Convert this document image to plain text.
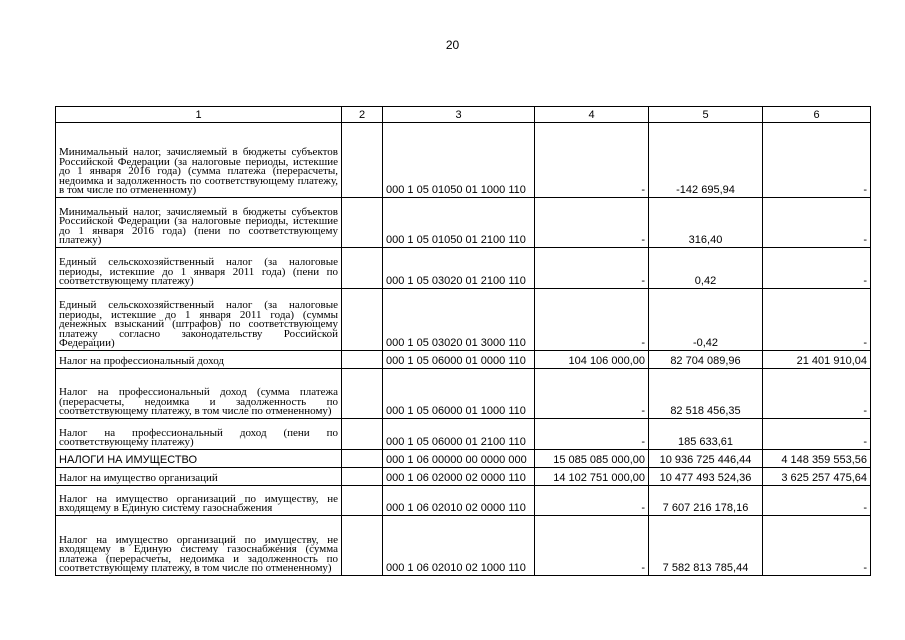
20
1	2	3	4	5	6
Минимальный налог, зачисляемый в бюджеты субъектов Российской Федерации (за налоговые периоды, истекшие до 1 января 2016 года) (сумма платежа (перерасчеты, недоимка и задолженность по соответствующему платежу, в том числе по отмененному)		000 1 05 01050 01 1000 110	-	-142 695,94	-
Минимальный налог, зачисляемый в бюджеты субъектов Российской Федерации (за налоговые периоды, истекшие до 1 января 2016 года) (пени по соответствующему платежу)		000 1 05 01050 01 2100 110	-	316,40	-
Единый сельскохозяйственный налог (за налоговые периоды, истекшие до 1 января 2011 года) (пени по соответствующему платежу)		000 1 05 03020 01 2100 110	-	0,42	-
Единый сельскохозяйственный налог (за налоговые периоды, истекшие до 1 января 2011 года) (суммы денежных взысканий (штрафов) по соответствующему платежу согласно законодательству Российской Федерации)		000 1 05 03020 01 3000 110	-	-0,42	-
Налог на профессиональный доход		000 1 05 06000 01 0000 110	104 106 000,00	82 704 089,96	21 401 910,04
Налог на профессиональный доход (сумма платежа (перерасчеты, недоимка и задолженность по соответствующему платежу, в том числе по отмененному)		000 1 05 06000 01 1000 110	-	82 518 456,35	-
Налог на профессиональный доход (пени по соответствующему платежу)		000 1 05 06000 01 2100 110	-	185 633,61	-
НАЛОГИ НА ИМУЩЕСТВО		000 1 06 00000 00 0000 000	15 085 085 000,00	10 936 725 446,44	4 148 359 553,56
Налог на имущество организаций		000 1 06 02000 02 0000 110	14 102 751 000,00	10 477 493 524,36	3 625 257 475,64
Налог на имущество организаций по имуществу, не входящему в Единую систему газоснабжения		000 1 06 02010 02 0000 110	-	7 607 216 178,16	-
Налог на имущество организаций по имуществу, не входящему в Единую систему газоснабжения (сумма платежа (перерасчеты, недоимка и задолженность по соответствующему платежу, в том числе по отмененному)		000 1 06 02010 02 1000 110	-	7 582 813 785,44	-
